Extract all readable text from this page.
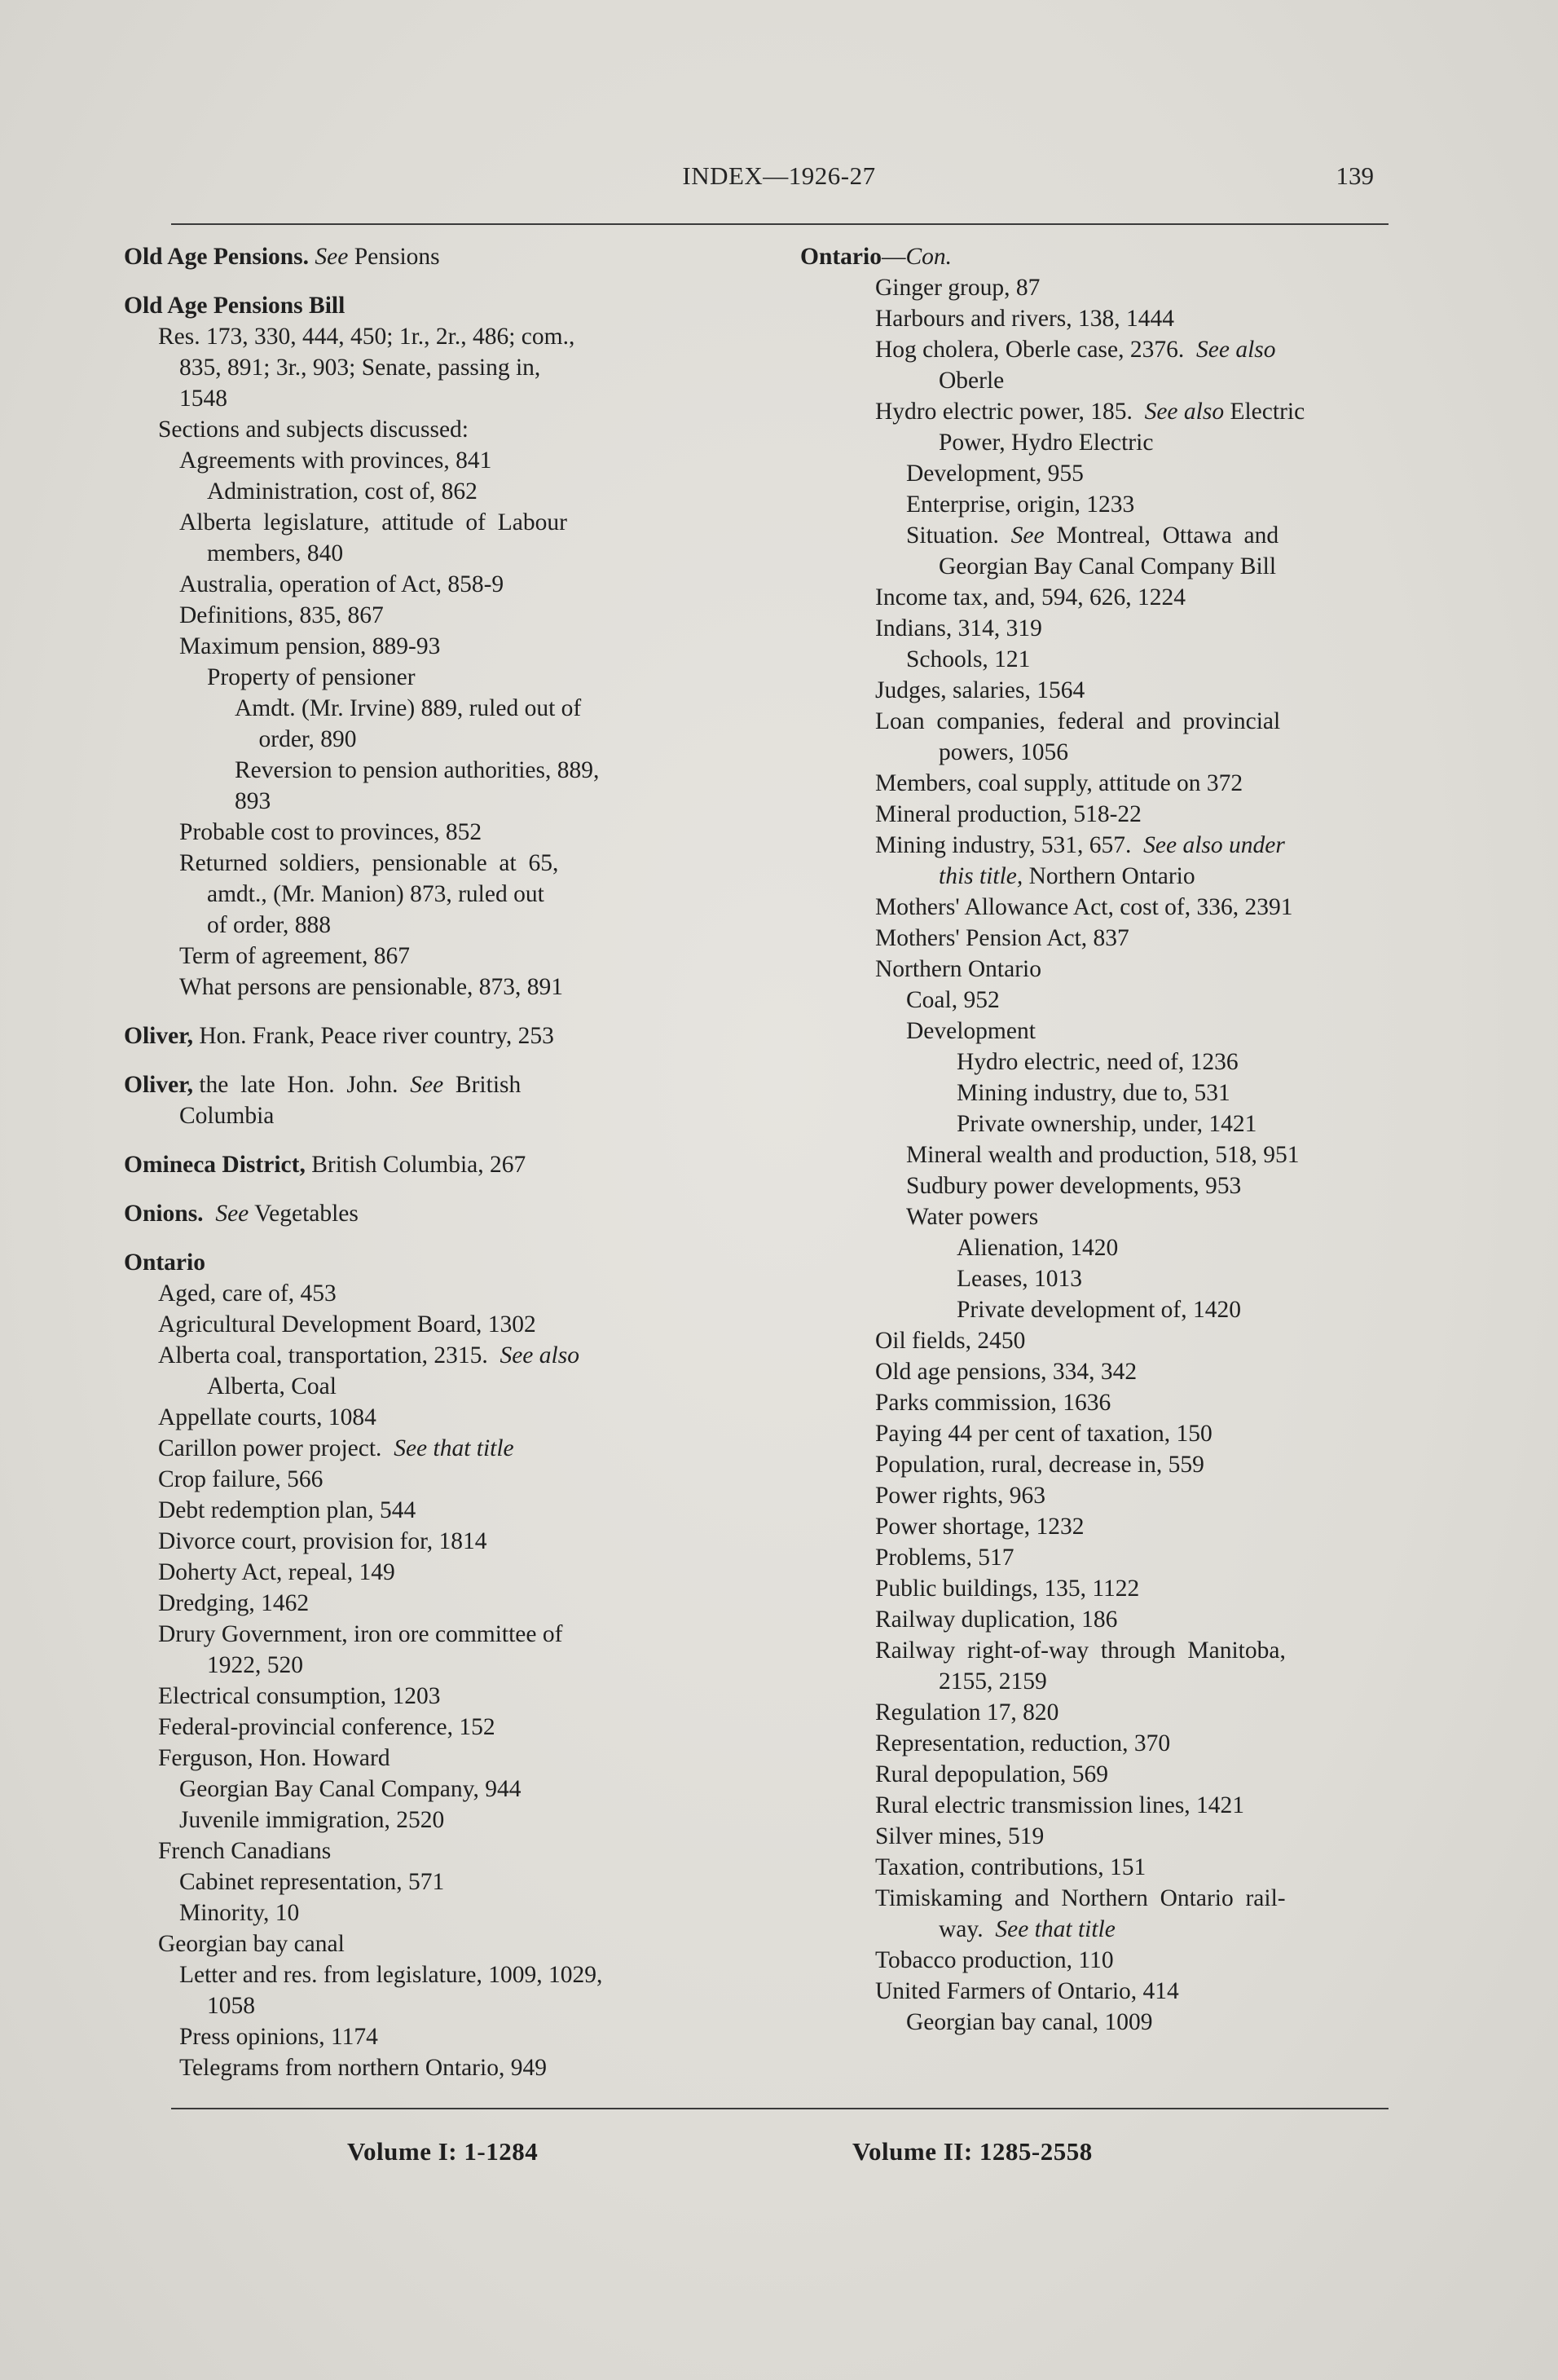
INDEX—1926-27	139
Old Age Pensions. See Pensions
Old Age Pensions Bill
Res. 173, 330, 444, 450; 1r., 2r., 486; com.,
835, 891; 3r., 903; Senate, passing in,
1548
Sections and subjects discussed:
Agreements with provinces, 841
Administration, cost of, 862
Alberta  legislature,  attitude  of  Labour
members, 840
Australia, operation of Act, 858-9
Definitions, 835, 867
Maximum pension, 889-93
Property of pensioner
Amdt. (Mr. Irvine) 889, ruled out of
order, 890
Reversion to pension authorities, 889,
893
Probable cost to provinces, 852
Returned  soldiers,  pensionable  at  65,
amdt., (Mr. Manion) 873, ruled out
of order, 888
Term of agreement, 867
What persons are pensionable, 873, 891
Oliver, Hon. Frank, Peace river country, 253
Oliver, the  late  Hon.  John.  See  British
Columbia
Omineca District, British Columbia, 267
Onions. See Vegetables
Ontario
Aged, care of, 453
Agricultural Development Board, 1302
Alberta coal, transportation, 2315.  See also
Alberta, Coal
Appellate courts, 1084
Carillon power project.  See that title
Crop failure, 566
Debt redemption plan, 544
Divorce court, provision for, 1814
Doherty Act, repeal, 149
Dredging, 1462
Drury Government, iron ore committee of
1922, 520
Electrical consumption, 1203
Federal-provincial conference, 152
Ferguson, Hon. Howard
Georgian Bay Canal Company, 944
Juvenile immigration, 2520
French Canadians
Cabinet representation, 571
Minority, 10
Georgian bay canal
Letter and res. from legislature, 1009, 1029,
1058
Press opinions, 1174
Telegrams from northern Ontario, 949
Ontario—Con.
Ginger group, 87
Harbours and rivers, 138, 1444
Hog cholera, Oberle case, 2376.  See also
Oberle
Hydro electric power, 185.  See also Electric
Power, Hydro Electric
Development, 955
Enterprise, origin, 1233
Situation.  See  Montreal,  Ottawa  and
Georgian Bay Canal Company Bill
Income tax, and, 594, 626, 1224
Indians, 314, 319
Schools, 121
Judges, salaries, 1564
Loan  companies,  federal  and  provincial
powers, 1056
Members, coal supply, attitude on 372
Mineral production, 518-22
Mining industry, 531, 657.  See also under
this title, Northern Ontario
Mothers' Allowance Act, cost of, 336, 2391
Mothers' Pension Act, 837
Northern Ontario
Coal, 952
Development
Hydro electric, need of, 1236
Mining industry, due to, 531
Private ownership, under, 1421
Mineral wealth and production, 518, 951
Sudbury power developments, 953
Water powers
Alienation, 1420
Leases, 1013
Private development of, 1420
Oil fields, 2450
Old age pensions, 334, 342
Parks commission, 1636
Paying 44 per cent of taxation, 150
Population, rural, decrease in, 559
Power rights, 963
Power shortage, 1232
Problems, 517
Public buildings, 135, 1122
Railway duplication, 186
Railway  right-of-way  through  Manitoba,
2155, 2159
Regulation 17, 820
Representation, reduction, 370
Rural depopulation, 569
Rural electric transmission lines, 1421
Silver mines, 519
Taxation, contributions, 151
Timiskaming  and  Northern  Ontario  rail-
way.  See that title
Tobacco production, 110
United Farmers of Ontario, 414
Georgian bay canal, 1009
Volume I: 1-1284	Volume II: 1285-2558
